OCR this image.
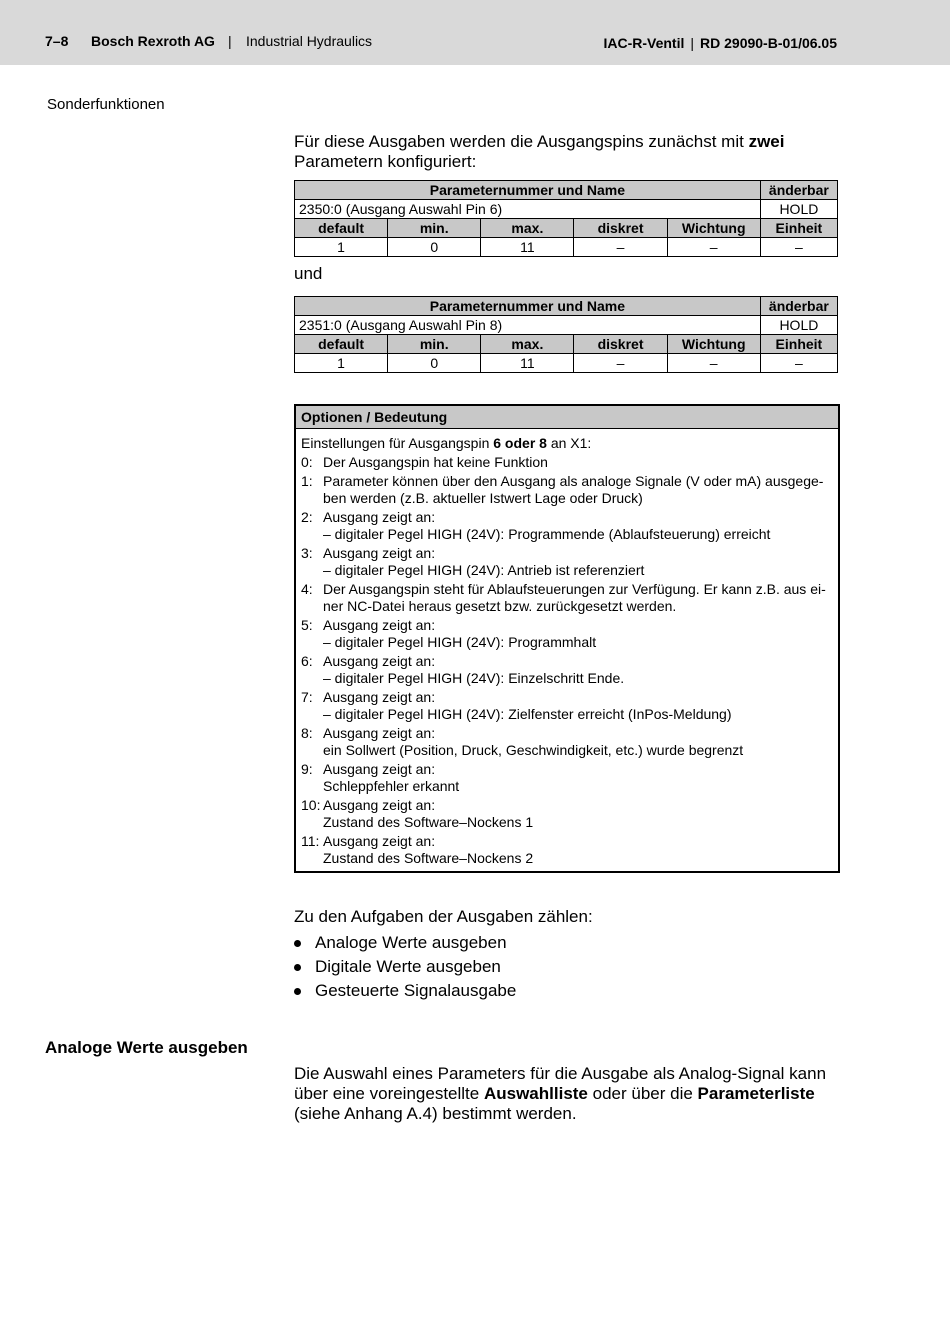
7–8 Bosch Rexroth AG | Industrial Hydraulics	IAC-R-Ventil | RD 29090-B-01/06.05
Sonderfunktionen
Für diese Ausgaben werden die Ausgangspins zunächst mit zwei Parametern konfiguriert:
Parameternummer und Name					änderbar
2350:0 (Ausgang Auswahl Pin 6)					HOLD
default	min.	max.	diskret	Wichtung	Einheit
1	0	11	–	–	–
und
Parameternummer und Name					änderbar
2351:0 (Ausgang Auswahl Pin 8)					HOLD
default	min.	max.	diskret	Wichtung	Einheit
1	0	11	–	–	–
Optionen / Bedeutung
Einstellungen für Ausgangspin 6 oder 8 an X1:
0: Der Ausgangspin hat keine Funktion
1: Parameter können über den Ausgang als analoge Signale (V oder mA) ausgege-
ben werden (z.B. aktueller Istwert Lage oder Druck)
2: Ausgang zeigt an:
– digitaler Pegel HIGH (24V): Programmende (Ablaufsteuerung) erreicht
3: Ausgang zeigt an:
– digitaler Pegel HIGH (24V): Antrieb ist referenziert
4: Der Ausgangspin steht für Ablaufsteuerungen zur Verfügung. Er kann z.B. aus ei-
ner NC-Datei heraus gesetzt bzw. zurückgesetzt werden.
5: Ausgang zeigt an:
– digitaler Pegel HIGH (24V): Programmhalt
6: Ausgang zeigt an:
– digitaler Pegel HIGH (24V): Einzelschritt Ende.
7: Ausgang zeigt an:
– digitaler Pegel HIGH (24V): Zielfenster erreicht (InPos-Meldung)
8: Ausgang zeigt an:
ein Sollwert (Position, Druck, Geschwindigkeit, etc.) wurde begrenzt
9: Ausgang zeigt an:
Schleppfehler erkannt
10: Ausgang zeigt an:
Zustand des Software–Nockens 1
11: Ausgang zeigt an:
Zustand des Software–Nockens 2
Zu den Aufgaben der Ausgaben zählen:
Analoge Werte ausgeben
Digitale Werte ausgeben
Gesteuerte Signalausgabe
Analoge Werte ausgeben
Die Auswahl eines Parameters für die Ausgabe als Analog-Signal kann
über eine voreingestellte Auswahlliste oder über die Parameterliste
(siehe Anhang A.4) bestimmt werden.
